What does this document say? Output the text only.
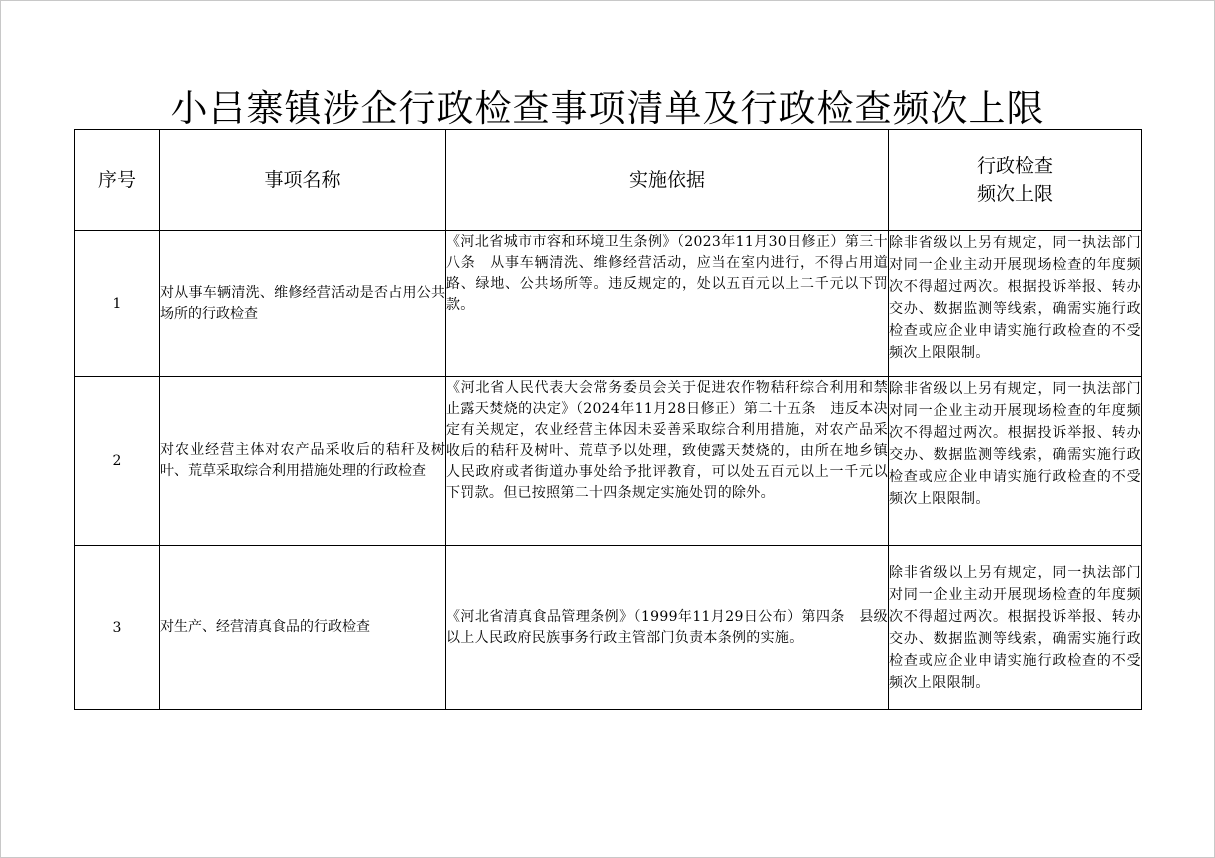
小吕寨镇涉企行政检查事项清单及行政检查频次上限
序号	事项名称	实施依据	行政检查
频次上限

1	对从事车辆清洗、维修经营活动是否占用公共场所的行政检查	《河北省城市市容和环境卫生条例》（2023年11月30日修正）第三十八条　从事车辆清洗、维修经营活动，应当在室内进行，不得占用道路、绿地、公共场所等。违反规定的，处以五百元以上二千元以下罚款。	除非省级以上另有规定，同一执法部门对同一企业主动开展现场检查的年度频次不得超过两次。根据投诉举报、转办交办、数据监测等线索，确需实施行政检查或应企业申请实施行政检查的不受频次上限限制。
2	对农业经营主体对农产品采收后的秸秆及树叶、荒草采取综合利用措施处理的行政检查	《河北省人民代表大会常务委员会关于促进农作物秸秆综合利用和禁止露天焚烧的决定》（2024年11月28日修正）第二十五条　违反本决定有关规定，农业经营主体因未妥善采取综合利用措施，对农产品采收后的秸秆及树叶、荒草予以处理，致使露天焚烧的，由所在地乡镇人民政府或者街道办事处给予批评教育，可以处五百元以上一千元以下罚款。但已按照第二十四条规定实施处罚的除外。	除非省级以上另有规定，同一执法部门对同一企业主动开展现场检查的年度频次不得超过两次。根据投诉举报、转办交办、数据监测等线索，确需实施行政检查或应企业申请实施行政检查的不受频次上限限制。
3	对生产、经营清真食品的行政检查	《河北省清真食品管理条例》（1999年11月29日公布）第四条　县级以上人民政府民族事务行政主管部门负责本条例的实施。	除非省级以上另有规定，同一执法部门对同一企业主动开展现场检查的年度频次不得超过两次。根据投诉举报、转办交办、数据监测等线索，确需实施行政检查或应企业申请实施行政检查的不受频次上限限制。
